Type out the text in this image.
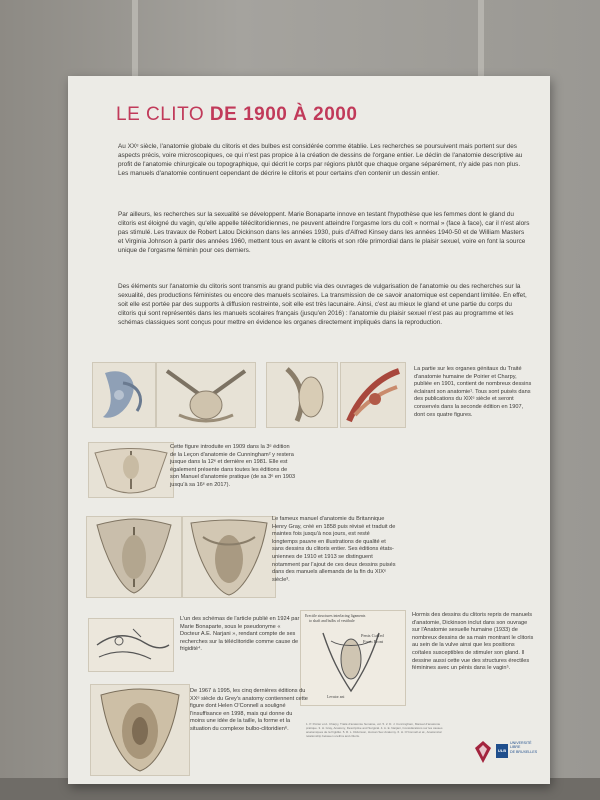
LE CLITO DE 1900 À 2000

Au XXᵉ siècle, l'anatomie globale du clitoris et des bulbes est considérée comme établie. Les recherches se poursuivent mais portent sur des aspects précis, voire microscopiques, ce qui n'est pas propice à la création de dessins de l'organe entier. Le déclin de l'anatomie descriptive au profit de l'anatomie chirurgicale ou topographique, qui décrit le corps par régions plutôt que chaque organe séparément, n'y aide pas non plus. Les manuels d'anatomie continuent cependant de décrire le clitoris et pour certains d'en contenir un dessin entier.

Par ailleurs, les recherches sur la sexualité se développent. Marie Bonaparte innove en testant l'hypothèse que les femmes dont le gland du clitoris est éloigné du vagin, qu'elle appelle téléclitoridiennes, ne peuvent atteindre l'orgasme lors du coït « normal » (face à face), car il n'est alors pas stimulé. Les travaux de Robert Latou Dickinson dans les années 1930, puis d'Alfred Kinsey dans les années 1940-50 et de William Masters et Virginia Johnson à partir des années 1960, mettent tous en avant le clitoris et son rôle primordial dans le plaisir sexuel, voire en font la source unique de l'orgasme féminin pour ces derniers.

Des éléments sur l'anatomie du clitoris sont transmis au grand public via des ouvrages de vulgarisation de l'anatomie ou des recherches sur la sexualité, des productions féministes ou encore des manuels scolaires. La transmission de ce savoir anatomique est cependant limitée. En effet, soit elle est portée par des supports à diffusion restreinte, soit elle est très lacunaire. Ainsi, c'est au mieux le gland et une partie du corps du clitoris qui sont représentés dans les manuels scolaires français (jusqu'en 2016) : l'anatomie du plaisir sexuel n'est pas au programme et les schémas classiques sont conçus pour mettre en évidence les organes directement impliqués dans la reproduction.

La partie sur les organes génitaux du Traité d'anatomie humaine de Poirier et Charpy, publiée en 1901, contient de nombreux dessins éclairant son anatomie¹. Tous sont puisés dans des publications du XIXᵉ siècle et seront conservés dans la seconde édition en 1907, dont ces quatre figures.

Cette figure introduite en 1909 dans la 3ᵉ édition de la Leçon d'anatomie de Cunningham² y restera jusque dans la 12ᵉ et dernière en 1981. Elle est également présente dans toutes les éditions de son Manuel d'anatomie pratique (de sa 3ᵉ en 1903 jusqu'à sa 16ᵉ en 2017).

Le fameux manuel d'anatomie du Britannique Henry Gray, créé en 1858 puis révisé et traduit de maintes fois jusqu'à nos jours, est resté longtemps pauvre en illustrations de qualité et sans dessins du clitoris entier. Ses éditions états-uniennes de 1910 et 1913 se distinguent notamment par l'ajout de ces deux dessins puisés dans des manuels allemands de la fin du XIXᵉ siècle³.

L'un des schémas de l'article publié en 1924 par Marie Bonaparte, sous le pseudonyme « Docteur A.E. Narjani », rendant compte de ses recherches sur la téléclitoridie comme cause de frigidité⁴.

Erectile structures interlacing ligaments
to shaft and bulbs of vestibule
Penis Cuffed
From Front
Levator ani

Hormis des dessins du clitoris repris de manuels d'anatomie, Dickinson inclut dans son ouvrage sur l'Anatomie sexuelle humaine (1933) de nombreux dessins de sa main montrant le clitoris au sein de la vulve ainsi que les positions coïtales susceptibles de stimuler son gland. Il dessine aussi cette vue des structures érectiles féminines avec un pénis dans le vagin⁵.

De 1967 à 1995, les cinq dernières éditions du XXᵉ siècle du Grey's anatomy contiennent cette figure dont Helen O'Connell a souligné l'insuffisance en 1998, mais qui donne du moins une idée de la taille, la forme et la situation du complexe bulbo-clitoridien⁶.

1. P. Poirier et A. Charpy, Traité d'anatomie humaine, vol. 5. 2. D. J. Cunningham, Manuel d'anatomie pratique. 3. H. Gray, Anatomy, Descriptive and Surgical. 4. A. E. Narjani, Considérations sur les causes anatomiques de la frigidité. 5. R. L. Dickinson, Human Sex Anatomy. 6. H. O'Connell et al., Anatomical relationship between urethra and clitoris.
ULB
UNIVERSITÉ
LIBRE
DE BRUXELLES
